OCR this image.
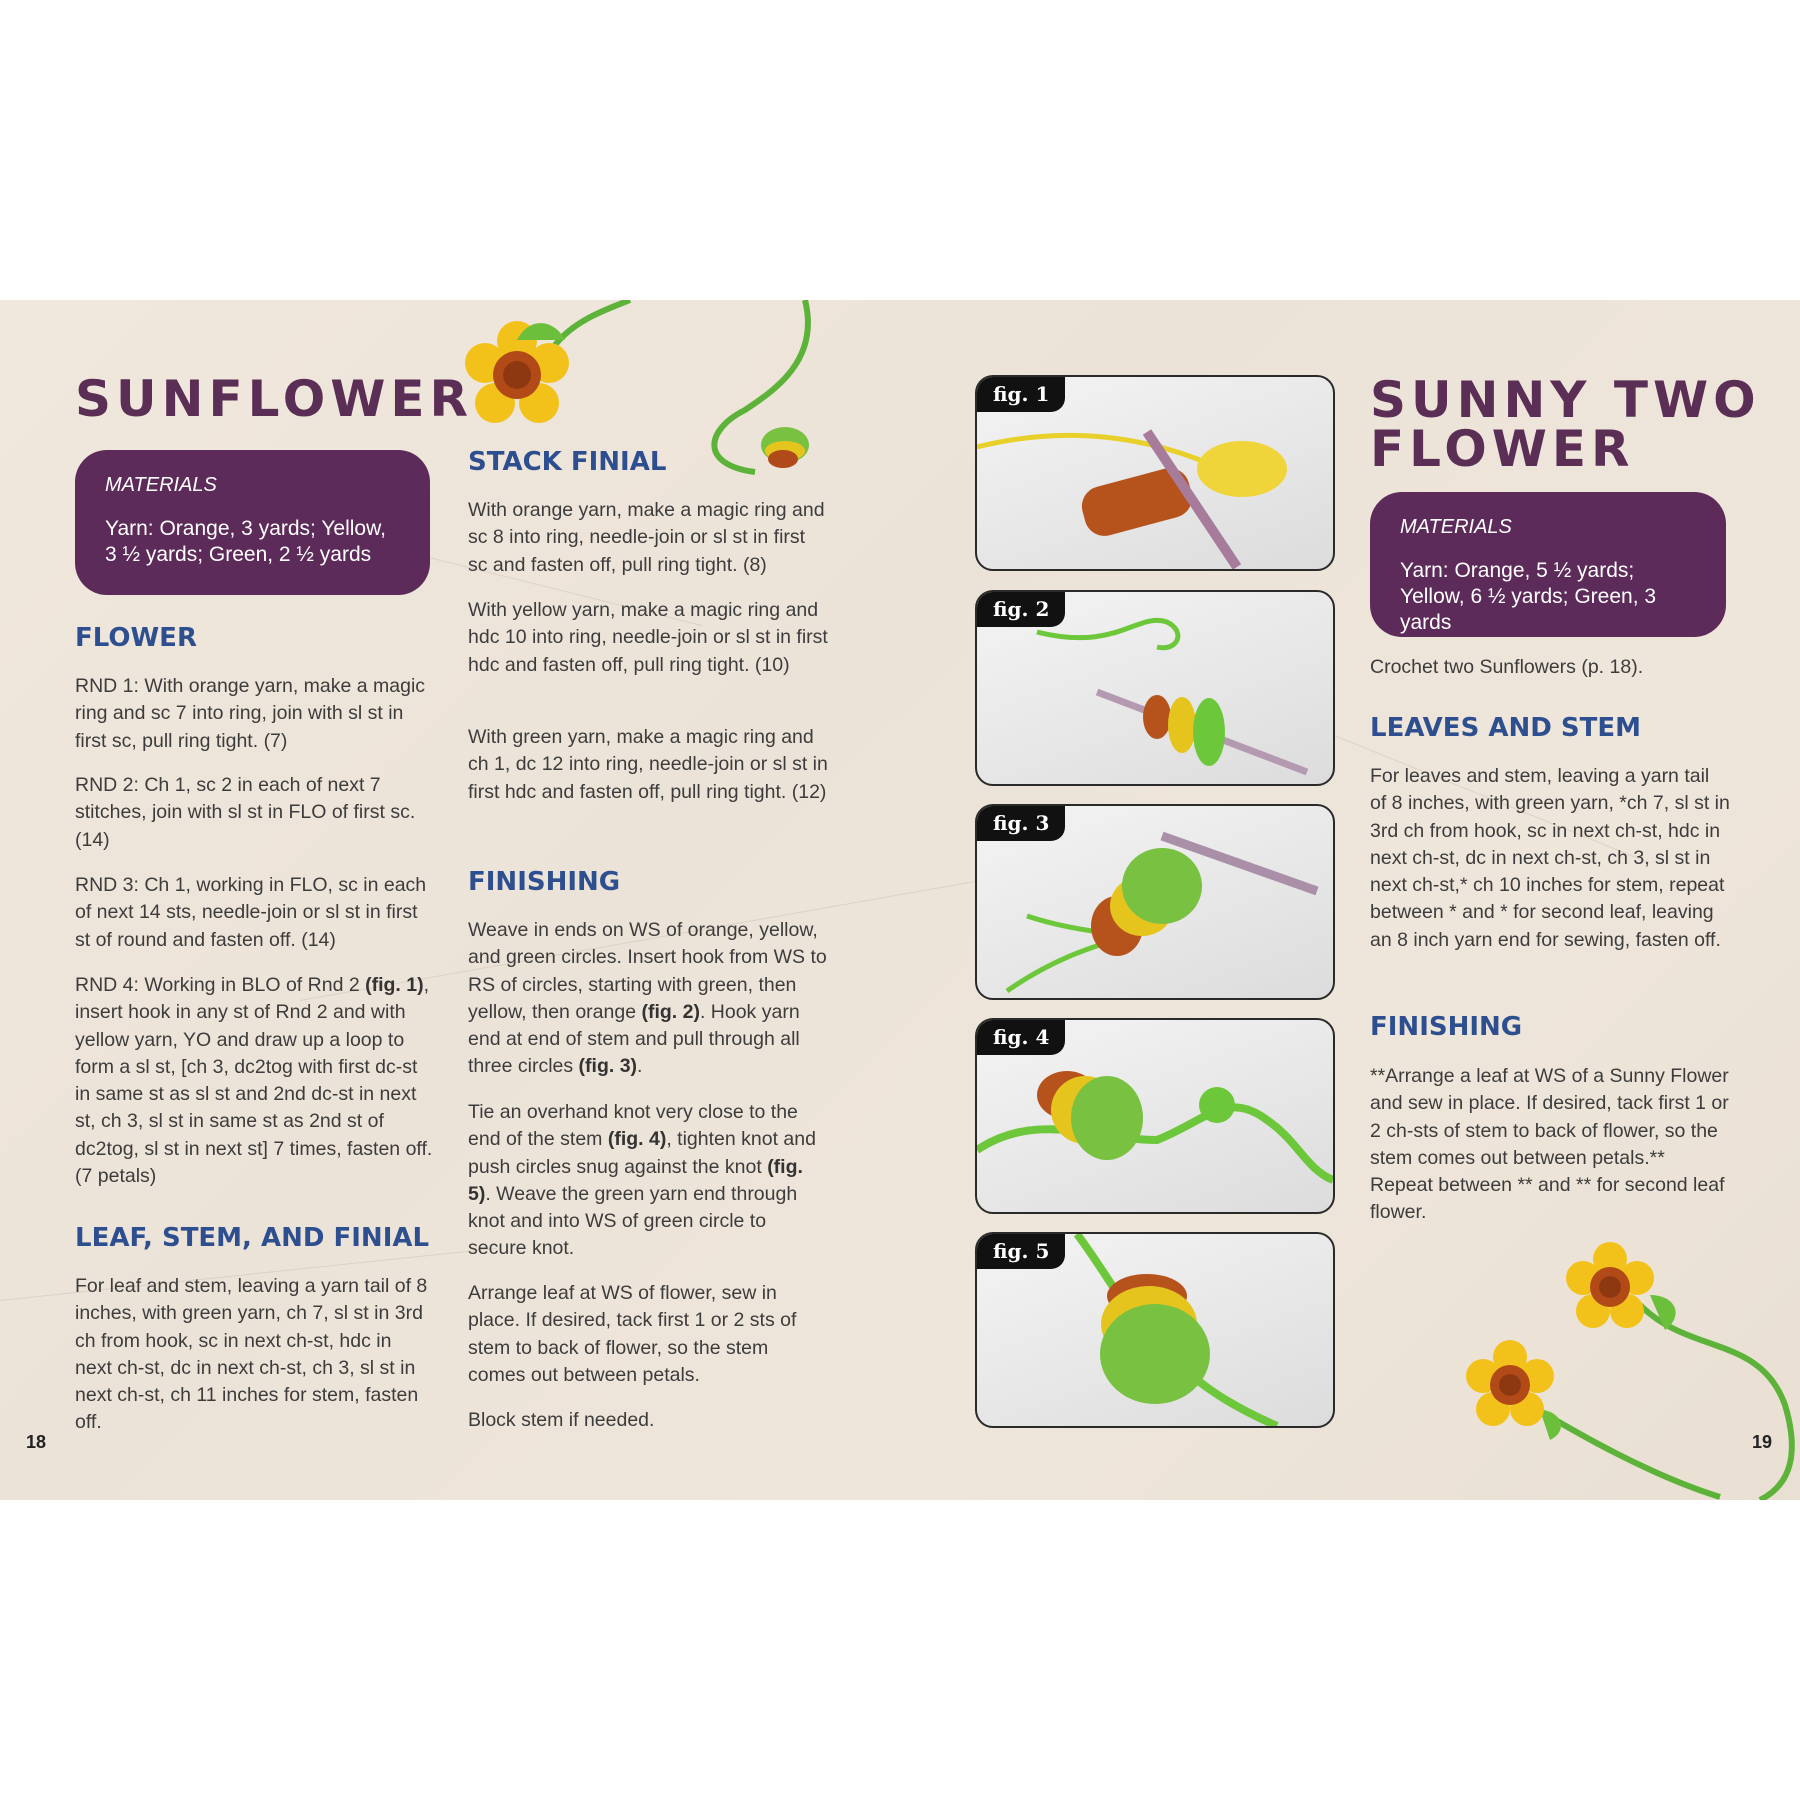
SUNFLOWER
MATERIALS
Yarn: Orange, 3 yards; Yellow, 3 ½ yards; Green, 2 ½ yards
FLOWER

RND 1: With orange yarn, make a magic ring and sc 7 into ring, join with sl st in first sc, pull ring tight. (7)

RND 2: Ch 1, sc 2 in each of next 7 stitches, join with sl st in FLO of first sc. (14)

RND 3: Ch 1, working in FLO, sc in each of next 14 sts, needle-join or sl st in first st of round and fasten off. (14)

RND 4: Working in BLO of Rnd 2 (fig. 1), insert hook in any st of Rnd 2 and with yellow yarn, YO and draw up a loop to form a sl st, [ch 3, dc2tog with first dc-st in same st as sl st and 2nd dc-st in next st, ch 3, sl st in same st as 2nd st of dc2tog, sl st in next st] 7 times, fasten off. (7 petals)

LEAF, STEM, AND FINIAL

For leaf and stem, leaving a yarn tail of 8 inches, with green yarn, ch 7, sl st in 3rd ch from hook, sc in next ch-st, hdc in next ch-st, dc in next ch-st, ch 3, sl st in next ch-st, ch 11 inches for stem, fasten off.

STACK FINIAL

With orange yarn, make a magic ring and sc 8 into ring, needle-join or sl st in first sc and fasten off, pull ring tight. (8)

With yellow yarn, make a magic ring and hdc 10 into ring, needle-join or sl st in first hdc and fasten off, pull ring tight. (10)

With green yarn, make a magic ring and ch 1, dc 12 into ring, needle-join or sl st in first hdc and fasten off, pull ring tight. (12)

FINISHING

Weave in ends on WS of orange, yellow, and green circles. Insert hook from WS to RS of circles, starting with green, then yellow, then orange (fig. 2). Hook yarn end at end of stem and pull through all three circles (fig. 3).

Tie an overhand knot very close to the end of the stem (fig. 4), tighten knot and push circles snug against the knot (fig. 5). Weave the green yarn end through knot and into WS of green circle to secure knot.

Arrange leaf at WS of flower, sew in place. If desired, tack first 1 or 2 sts of stem to back of flower, so the stem comes out between petals.

Block stem if needed.

18
fig. 1
fig. 2
fig. 3
fig. 4
fig. 5
SUNNY TWO
FLOWER
MATERIALS
Yarn: Orange, 5 ½ yards; Yellow, 6 ½ yards; Green, 3 yards

Crochet two Sunflowers (p. 18).

LEAVES AND STEM

For leaves and stem, leaving a yarn tail of 8 inches, with green yarn, *ch 7, sl st in 3rd ch from hook, sc in next ch-st, hdc in next ch-st, dc in next ch-st, ch 3, sl st in next ch-st,* ch 10 inches for stem, repeat between * and * for second leaf, leaving an 8 inch yarn end for sewing, fasten off.

FINISHING

**Arrange a leaf at WS of a Sunny Flower and sew in place. If desired, tack first 1 or 2 ch-sts of stem to back of flower, so the stem comes out between petals.** Repeat between ** and ** for second leaf flower.

19
